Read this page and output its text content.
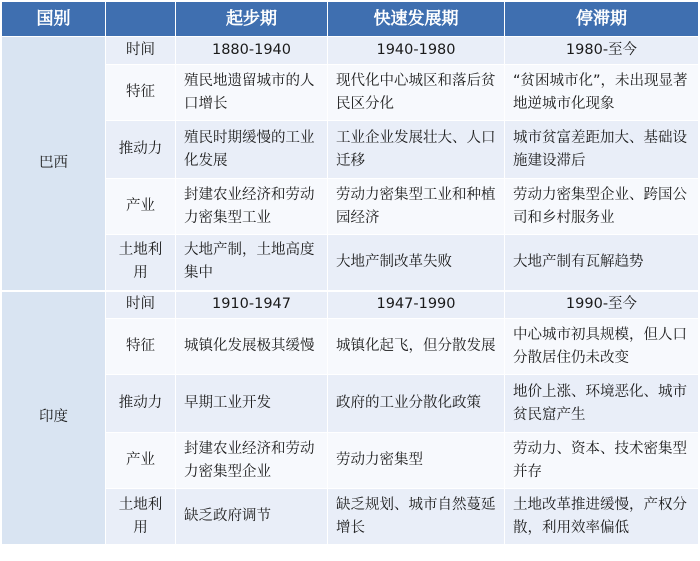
国别		起步期	快速发展期	停滞期
巴西	时间	1880-1940	1940-1980	1980-至今
	特征	殖民地遗留城市的人口增长	现代化中心城区和落后贫民区分化	“贫困城市化”，未出现显著地逆城市化现象
	推动力	殖民时期缓慢的工业化发展	工业企业发展壮大、人口迁移	城市贫富差距加大、基础设施建设滞后
	产业	封建农业经济和劳动力密集型工业	劳动力密集型工业和种植园经济	劳动力密集型企业、跨国公司和乡村服务业
	土地利用	大地产制，土地高度集中	大地产制改革失败	大地产制有瓦解趋势
印度	时间	1910-1947	1947-1990	1990-至今
	特征	城镇化发展极其缓慢	城镇化起飞，但分散发展	中心城市初具规模，但人口分散居住仍未改变
	推动力	早期工业开发	政府的工业分散化政策	地价上涨、环境恶化、城市贫民窟产生
	产业	封建农业经济和劳动力密集型企业	劳动力密集型	劳动力、资本、技术密集型并存
	土地利用	缺乏政府调节	缺乏规划、城市自然蔓延增长	土地改革推进缓慢，产权分散，利用效率偏低
